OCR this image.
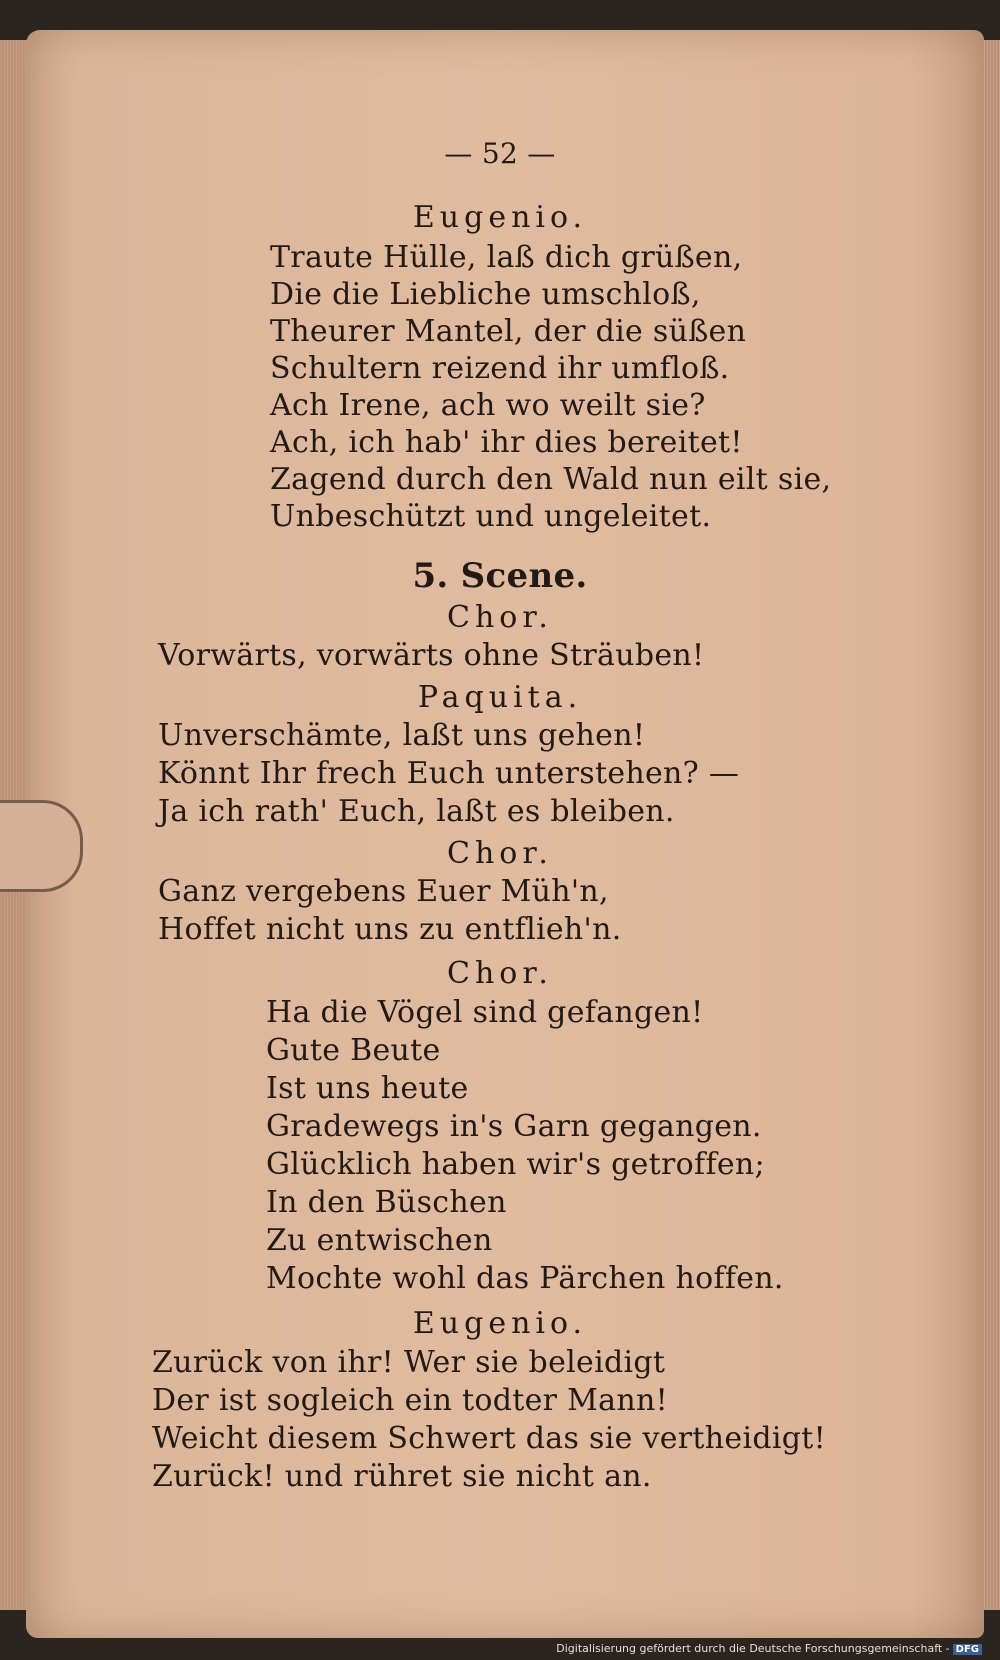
— 52 —
Eugenio.
Traute Hülle, laß dich grüßen,
Die die Liebliche umschloß,
Theurer Mantel, der die süßen
Schultern reizend ihr umfloß.
Ach Irene, ach wo weilt sie?
Ach, ich hab' ihr dies bereitet!
Zagend durch den Wald nun eilt sie,
Unbeschützt und ungeleitet.
5. Scene.
Chor.
Vorwärts, vorwärts ohne Sträuben!
Paquita.
Unverschämte, laßt uns gehen!
Könnt Ihr frech Euch unterstehen? —
Ja ich rath' Euch, laßt es bleiben.
Chor.
Ganz vergebens Euer Müh'n,
Hoffet nicht uns zu entflieh'n.
Chor.
Ha die Vögel sind gefangen!
Gute Beute
Ist uns heute
Gradewegs in's Garn gegangen.
Glücklich haben wir's getroffen;
In den Büschen
Zu entwischen
Mochte wohl das Pärchen hoffen.
Eugenio.
Zurück von ihr! Wer sie beleidigt
Der ist sogleich ein todter Mann!
Weicht diesem Schwert das sie vertheidigt!
Zurück! und rühret sie nicht an.
Digitalisierung gefördert durch die Deutsche Forschungsgemeinschaft - DFG
